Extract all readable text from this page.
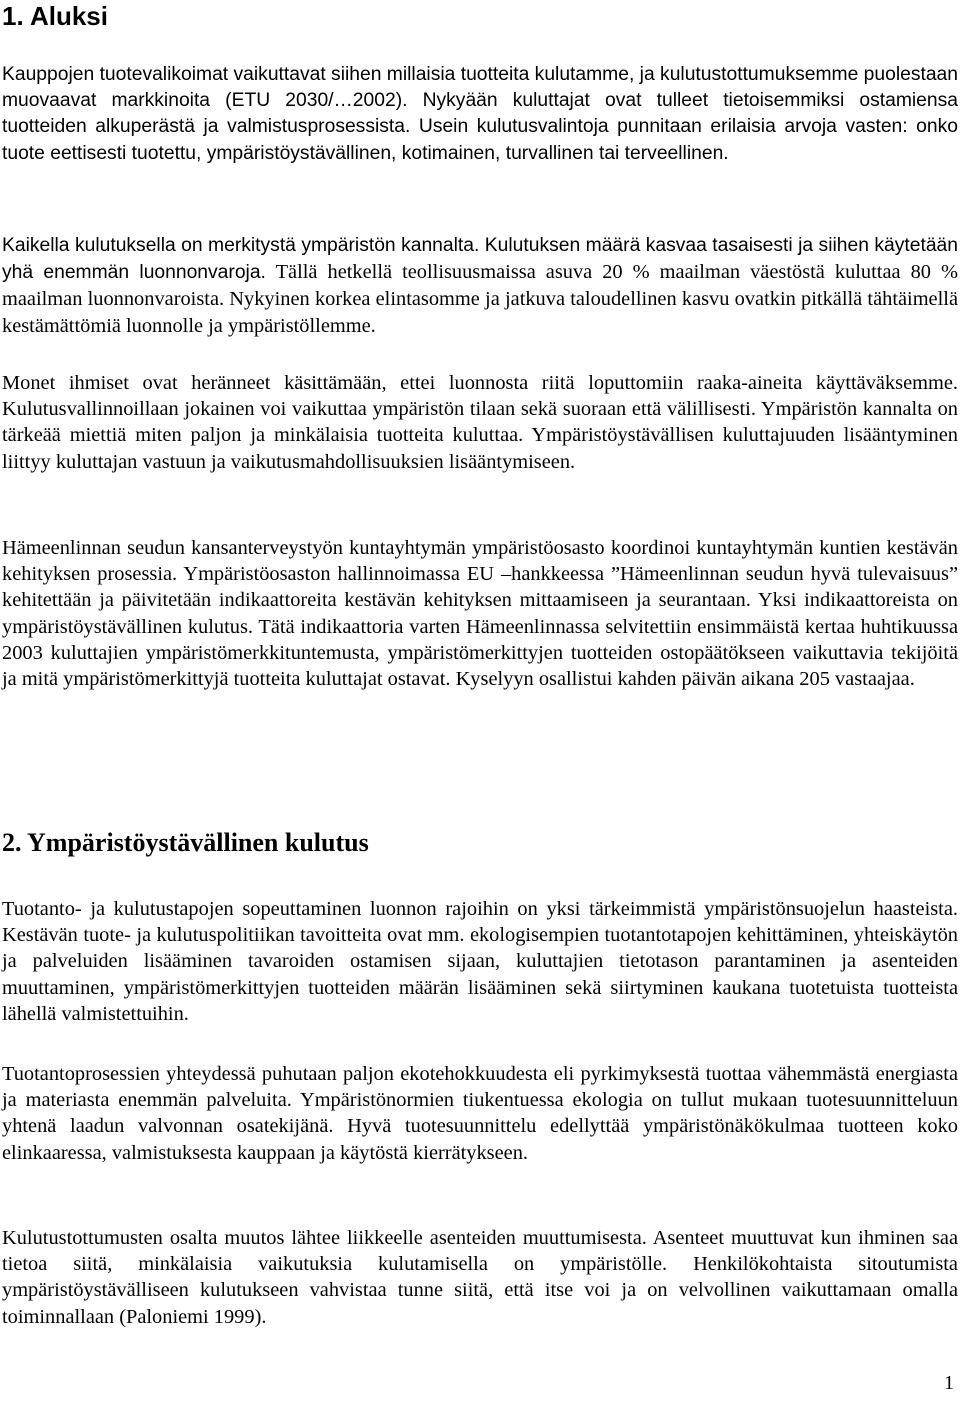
1. Aluksi

Kauppojen tuotevalikoimat vaikuttavat siihen millaisia tuotteita kulutamme, ja kulutustottumuksemme puolestaan muovaavat markkinoita (ETU 2030/…2002). Nykyään kuluttajat ovat tulleet tietoisemmiksi ostamiensa tuotteiden alkuperästä ja valmistusprosessista. Usein kulutusvalintoja punnitaan erilaisia arvoja vasten: onko tuote eettisesti tuotettu, ympäristöystävällinen, kotimainen, turvallinen tai terveellinen.

Kaikella kulutuksella on merkitystä ympäristön kannalta. Kulutuksen määrä kasvaa tasaisesti ja siihen käytetään yhä enemmän luonnonvaroja. Tällä hetkellä teollisuusmaissa asuva 20 % maailman väestöstä kuluttaa 80 % maailman luonnonvaroista. Nykyinen korkea elintasomme ja jatkuva taloudellinen kasvu ovatkin pitkällä tähtäimellä kestämättömiä luonnolle ja ympäristöllemme.

Monet ihmiset ovat heränneet käsittämään, ettei luonnosta riitä loputtomiin raaka-aineita käyttäväksemme. Kulutusvallinnoillaan jokainen voi vaikuttaa ympäristön tilaan sekä suoraan että välillisesti. Ympäristön kannalta on tärkeää miettiä miten paljon ja minkälaisia tuotteita kuluttaa. Ympäristöystävällisen kuluttajuuden lisääntyminen liittyy kuluttajan vastuun ja vaikutusmahdollisuuksien lisääntymiseen.

Hämeenlinnan seudun kansanterveystyön kuntayhtymän ympäristöosasto koordinoi kuntayhtymän kuntien kestävän kehityksen prosessia. Ympäristöosaston hallinnoimassa EU –hankkeessa ”Hämeenlinnan seudun hyvä tulevaisuus” kehitettään ja päivitetään indikaattoreita kestävän kehityksen mittaamiseen ja seurantaan. Yksi indikaattoreista on ympäristöystävällinen kulutus. Tätä indikaattoria varten Hämeenlinnassa selvitettiin ensimmäistä kertaa huhtikuussa 2003 kuluttajien ympäristömerkkituntemusta, ympäristömerkittyjen tuotteiden ostopäätökseen vaikuttavia tekijöitä ja mitä ympäristömerkittyjä tuotteita kuluttajat ostavat. Kyselyyn osallistui kahden päivän aikana 205 vastaajaa.

2. Ympäristöystävällinen kulutus

Tuotanto- ja kulutustapojen sopeuttaminen luonnon rajoihin on yksi tärkeimmistä ympäristönsuojelun haasteista. Kestävän tuote- ja kulutuspolitiikan tavoitteita ovat mm. ekologisempien tuotantotapojen kehittäminen, yhteiskäytön ja palveluiden lisääminen tavaroiden ostamisen sijaan, kuluttajien tietotason parantaminen ja asenteiden muuttaminen, ympäristömerkittyjen tuotteiden määrän lisääminen sekä siirtyminen kaukana tuotetuista tuotteista lähellä valmistettuihin.

Tuotantoprosessien yhteydessä puhutaan paljon ekotehokkuudesta eli pyrkimyksestä tuottaa vähemmästä energiasta ja materiasta enemmän palveluita. Ympäristönormien tiukentuessa ekologia on tullut mukaan tuotesuunnitteluun yhtenä laadun valvonnan osatekijänä. Hyvä tuotesuunnittelu edellyttää ympäristönäkökulmaa tuotteen koko elinkaaressa, valmistuksesta kauppaan ja käytöstä kierrätykseen.

Kulutustottumusten osalta muutos lähtee liikkeelle asenteiden muuttumisesta. Asenteet muuttuvat kun ihminen saa tietoa siitä, minkälaisia vaikutuksia kulutamisella on ympäristölle. Henkilökohtaista sitoutumista ympäristöystävälliseen kulutukseen vahvistaa tunne siitä, että itse voi ja on velvollinen vaikuttamaan omalla toiminnallaan (Paloniemi 1999).

1
